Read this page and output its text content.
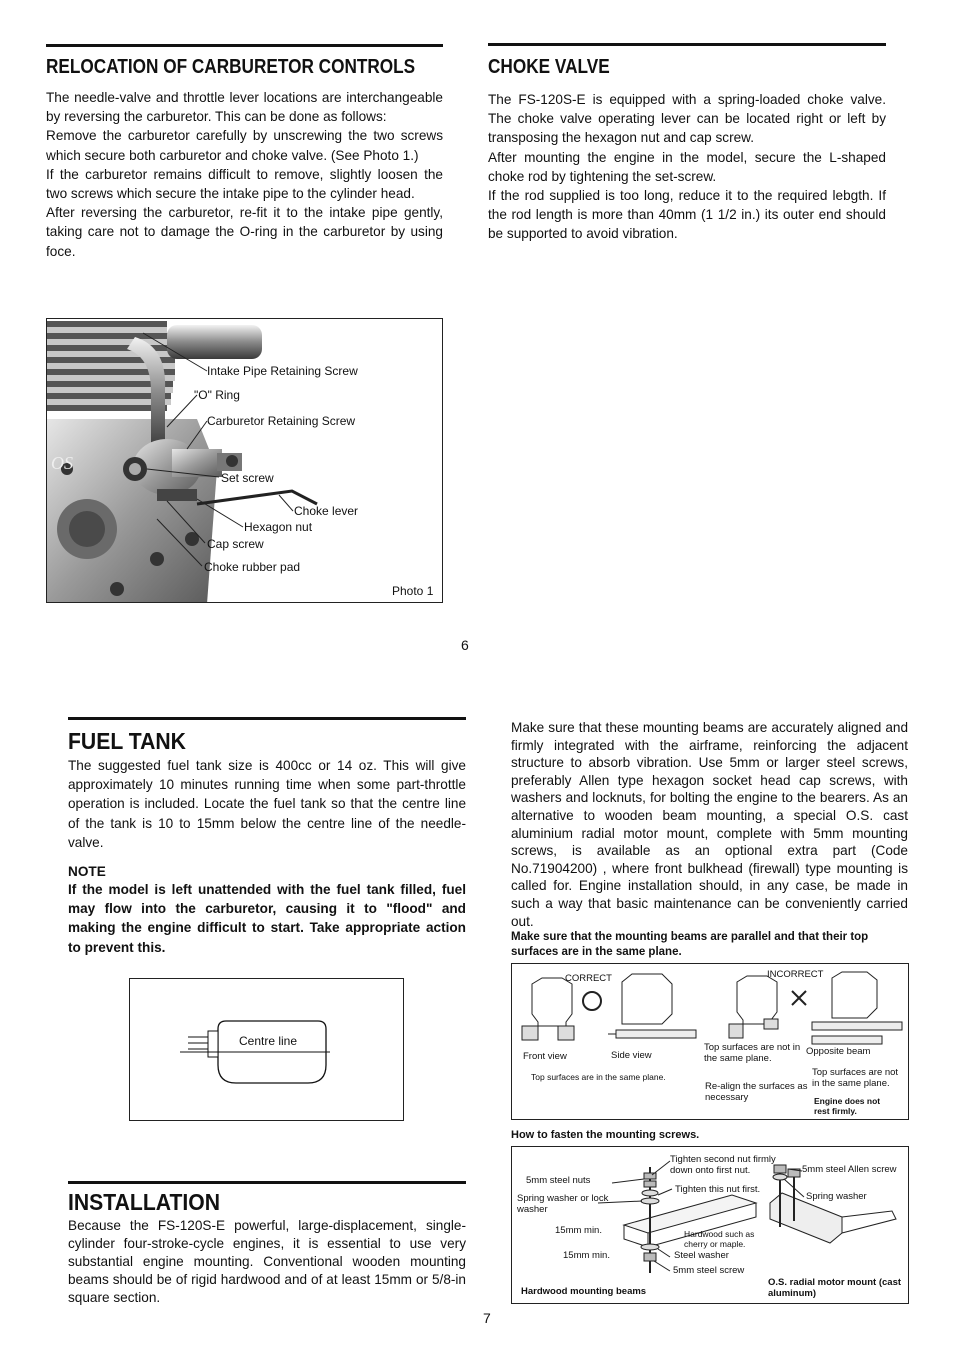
RELOCATION OF CARBURETOR CONTROLS

The needle-valve and throttle lever locations are interchangeable by reversing the carburetor. This can be done as follows:

Remove the carburetor carefully by unscrewing the two screws which secure both carburetor and choke valve. (See Photo 1.)

If the carburetor remains difficult to remove, slightly loosen the two screws which secure the intake pipe to the cylinder head.

After reversing the carburetor, re-fit it to the intake pipe gently, taking care not to damage the O-ring in the carburetor by using foce.

CHOKE VALVE

The FS-120S-E is equipped with a spring-loaded choke valve. The choke valve operating lever can be located right or left by transposing the hexagon nut and cap screw.

After mounting the engine in the model, secure the L-shaped choke rod by tightening the set-screw.

If the rod supplied is too long, reduce it to the required lebgth. If the rod length is more than 40mm (1 1/2 in.) its outer end should be supported to avoid vibration.

OS
Intake Pipe Retaining Screw
"O" Ring
Carburetor Retaining Screw
Set screw
Choke lever
Hexagon nut
Cap screw
Choke rubber pad
Photo 1
6
FUEL TANK
The suggested fuel tank size is 400cc or 14 oz. This will give approximately 10 minutes running time when some part-throttle operation is included. Locate the fuel tank so that the centre line of the tank is 10 to 15mm below the centre line of the needle-valve.
NOTE
If the model is left unattended with the fuel tank filled, fuel may flow into the carburetor, causing it to "flood" and making the engine difficult to start. Take appropriate action to prevent this.
Centre line
INSTALLATION
Because the FS-120S-E powerful, large-displacement, single-cylinder four-stroke-cycle engines, it is essential to use very substantial engine mounting. Conventional wooden mounting beams should be of rigid hardwood and of at least 15mm or 5/8-in square section.
Make sure that these mounting beams are accurately aligned and firmly integrated with the airframe, reinforcing the adjacent structure to absorb vibration. Use 5mm or larger steel screws, preferably Allen type hexagon socket head cap screws, with washers and locknuts, for bolting the engine to the bearers. As an alternative to wooden beam mounting, a special O.S. cast aluminium radial motor mount, complete with 5mm mounting screws, is available as an optional extra part (Code No.71904200) , where front bulkhead (firewall) type mounting is called for. Engine installation should, in any case, be made in such a way that basic maintenance can be conveniently carried out.
Make sure that the mounting beams are parallel and that their top surfaces are in the same plane.
CORRECT	INCORRECT
Front view	Side view
Top surfaces are in the same plane.
Top surfaces are not in the same plane.
Opposite beam
Re-align the surfaces as necessary
Top surfaces are not in the same plane.
Engine does not rest firmly.
How to fasten the mounting screws.
Tighten second nut firmly down onto first nut.
5mm steel nuts
Tighten this nut first.
Spring washer or lock washer
15mm min.	Hardwood such as cherry or maple.
15mm min.	Steel washer
5mm steel screw
Hardwood mounting beams
5mm steel Allen screw
Spring washer
O.S. radial motor mount (cast aluminum)
7
